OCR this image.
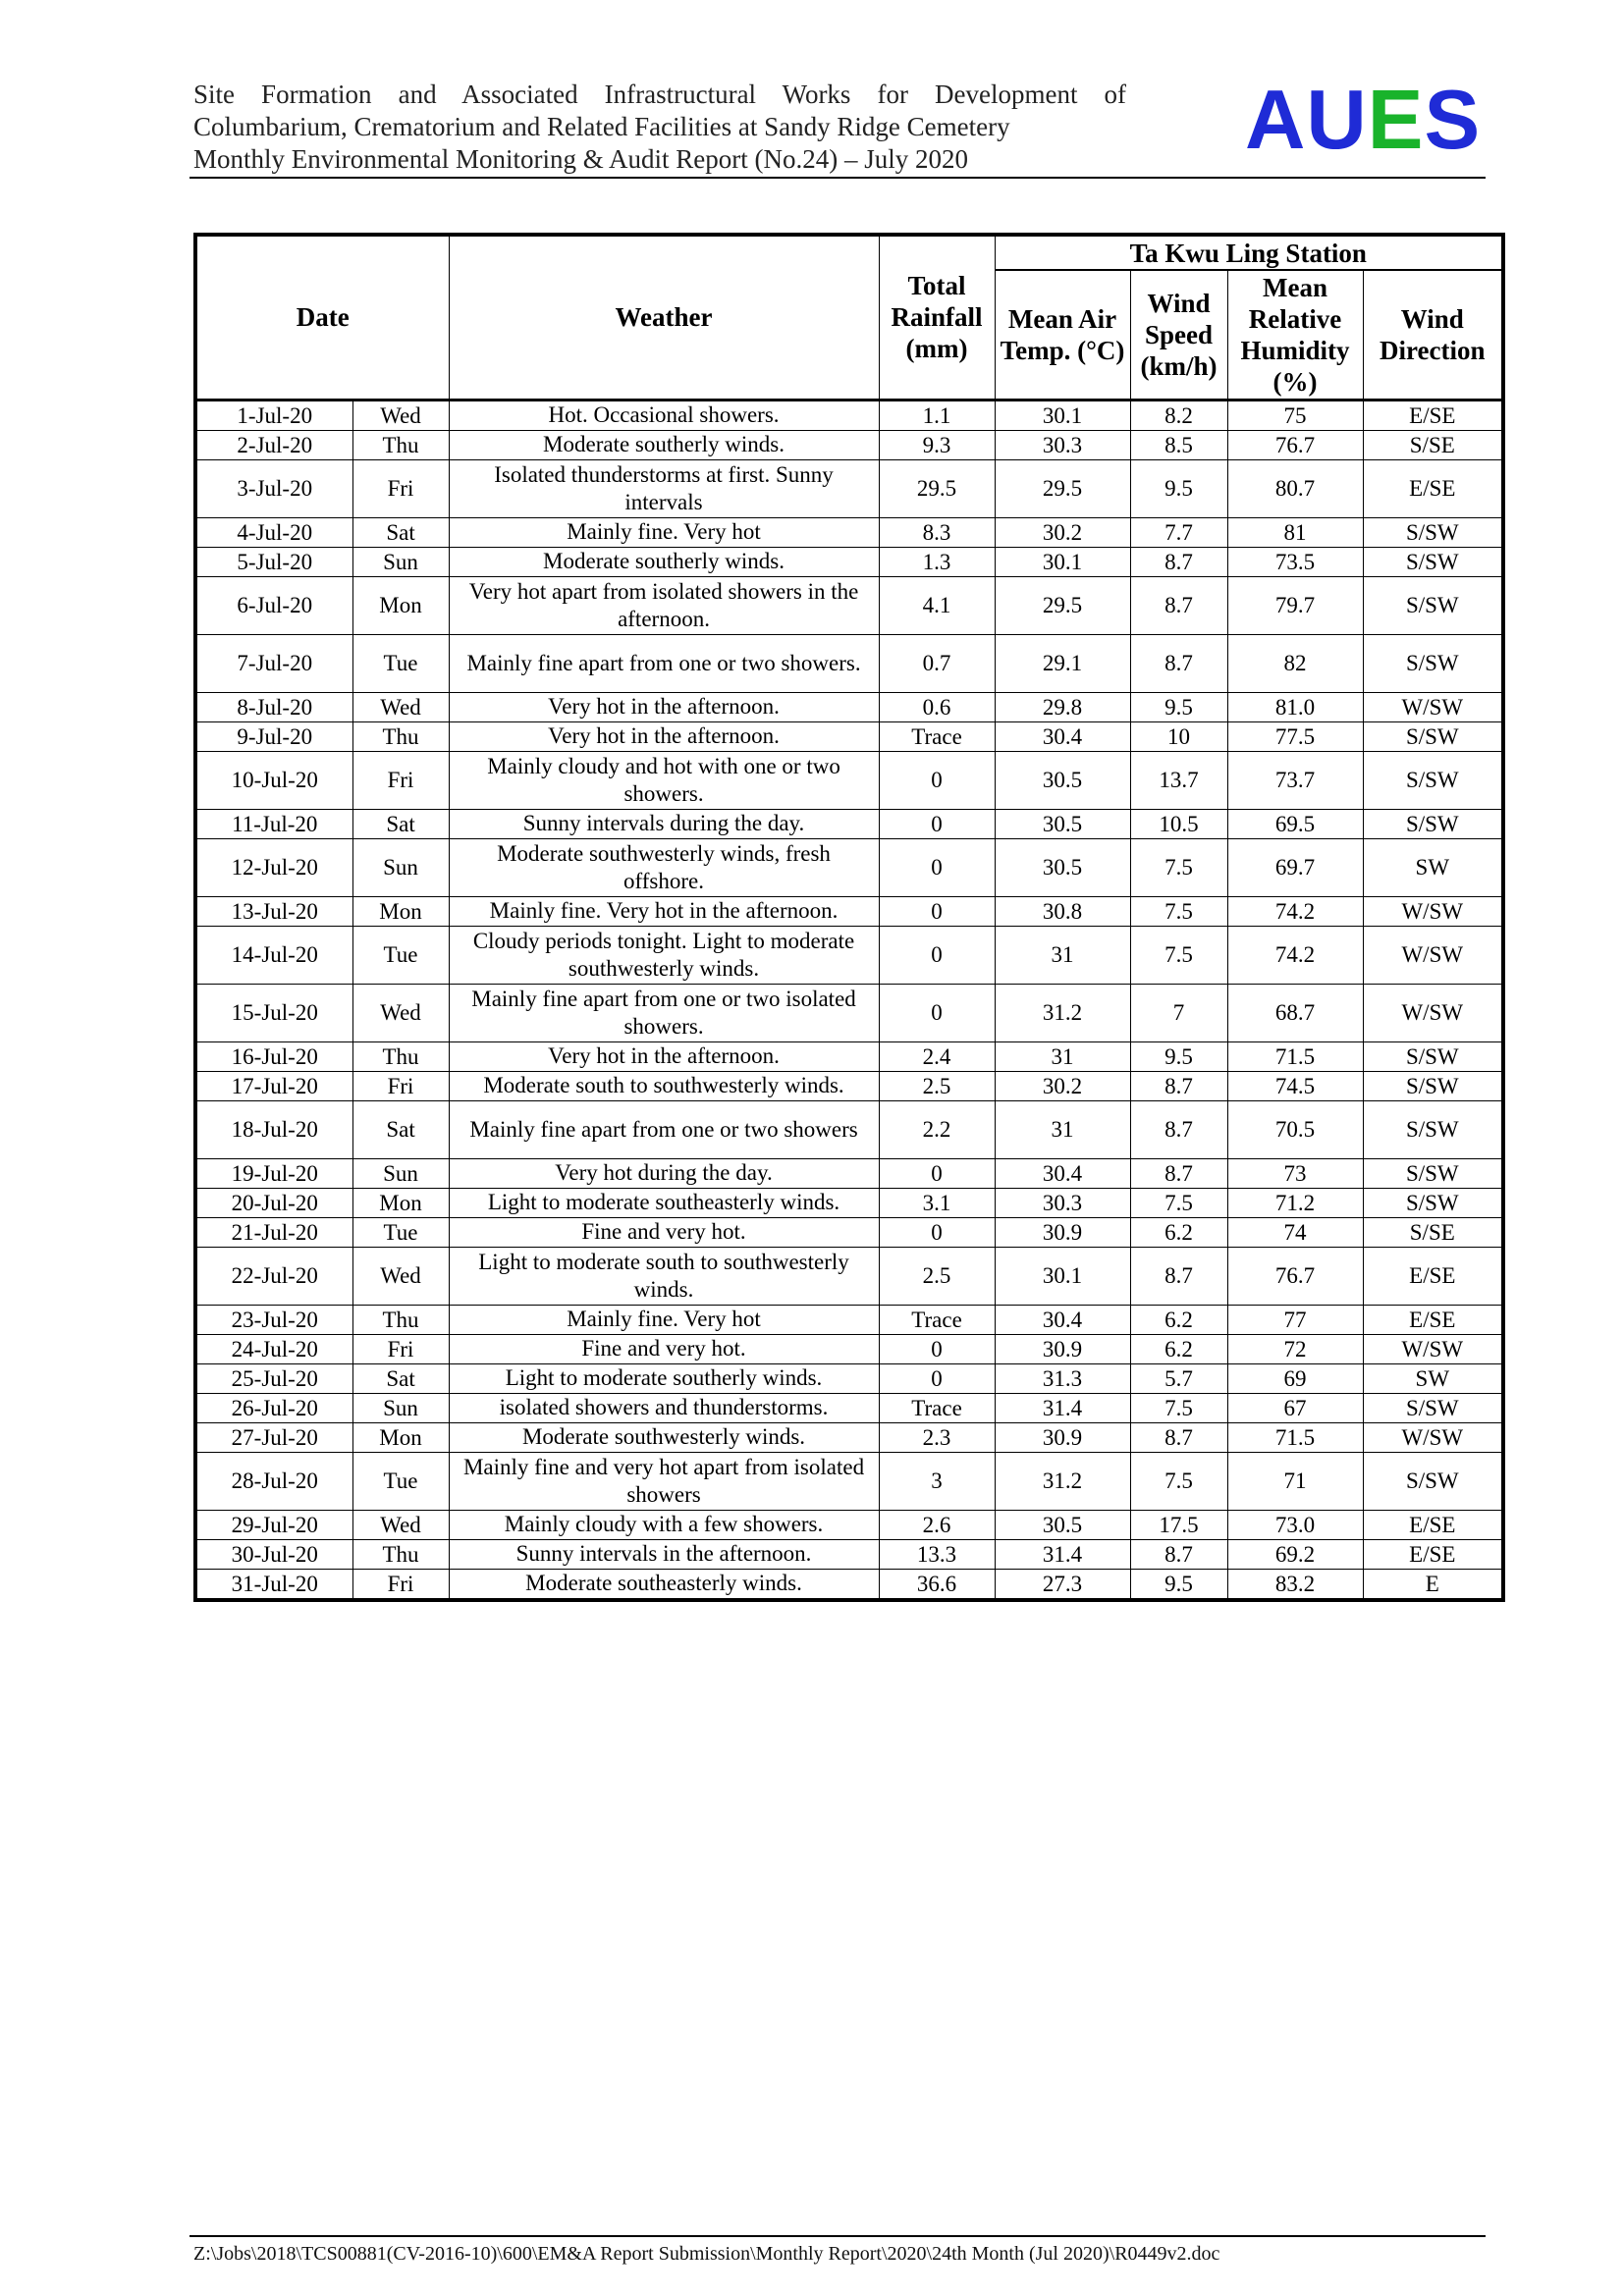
Site Formation and Associated Infrastructural Works for Development of
Columbarium, Crematorium and Related Facilities at Sandy Ridge Cemetery
Monthly Environmental Monitoring & Audit Report (No.24) – July 2020	AUES
Date		Weather	Total Rainfall (mm)	Ta Kwu Ling Station			
				Mean Air Temp. (°C)	Wind Speed (km/h)	Mean Relative Humidity (%)	Wind Direction
1-Jul-20	Wed	Hot. Occasional showers.	1.1	30.1	8.2	75	E/SE
2-Jul-20	Thu	Moderate southerly winds.	9.3	30.3	8.5	76.7	S/SE
3-Jul-20	Fri	Isolated thunderstorms at first. Sunny intervals	29.5	29.5	9.5	80.7	E/SE
4-Jul-20	Sat	Mainly fine. Very hot	8.3	30.2	7.7	81	S/SW
5-Jul-20	Sun	Moderate southerly winds.	1.3	30.1	8.7	73.5	S/SW
6-Jul-20	Mon	Very hot apart from isolated showers in the afternoon.	4.1	29.5	8.7	79.7	S/SW
7-Jul-20	Tue	Mainly fine apart from one or two showers.	0.7	29.1	8.7	82	S/SW
8-Jul-20	Wed	Very hot in the afternoon.	0.6	29.8	9.5	81.0	W/SW
9-Jul-20	Thu	Very hot in the afternoon.	Trace	30.4	10	77.5	S/SW
10-Jul-20	Fri	Mainly cloudy and hot with one or two showers.	0	30.5	13.7	73.7	S/SW
11-Jul-20	Sat	Sunny intervals during the day.	0	30.5	10.5	69.5	S/SW
12-Jul-20	Sun	Moderate southwesterly winds, fresh offshore.	0	30.5	7.5	69.7	SW
13-Jul-20	Mon	Mainly fine. Very hot in the afternoon.	0	30.8	7.5	74.2	W/SW
14-Jul-20	Tue	Cloudy periods tonight. Light to moderate southwesterly winds.	0	31	7.5	74.2	W/SW
15-Jul-20	Wed	Mainly fine apart from one or two isolated showers.	0	31.2	7	68.7	W/SW
16-Jul-20	Thu	Very hot in the afternoon.	2.4	31	9.5	71.5	S/SW
17-Jul-20	Fri	Moderate south to southwesterly winds.	2.5	30.2	8.7	74.5	S/SW
18-Jul-20	Sat	Mainly fine apart from one or two showers	2.2	31	8.7	70.5	S/SW
19-Jul-20	Sun	Very hot during the day.	0	30.4	8.7	73	S/SW
20-Jul-20	Mon	Light to moderate southeasterly winds.	3.1	30.3	7.5	71.2	S/SW
21-Jul-20	Tue	Fine and very hot.	0	30.9	6.2	74	S/SE
22-Jul-20	Wed	Light to moderate south to southwesterly winds.	2.5	30.1	8.7	76.7	E/SE
23-Jul-20	Thu	Mainly fine. Very hot	Trace	30.4	6.2	77	E/SE
24-Jul-20	Fri	Fine and very hot.	0	30.9	6.2	72	W/SW
25-Jul-20	Sat	Light to moderate southerly winds.	0	31.3	5.7	69	SW
26-Jul-20	Sun	isolated showers and thunderstorms.	Trace	31.4	7.5	67	S/SW
27-Jul-20	Mon	Moderate southwesterly winds.	2.3	30.9	8.7	71.5	W/SW
28-Jul-20	Tue	Mainly fine and very hot apart from isolated showers	3	31.2	7.5	71	S/SW
29-Jul-20	Wed	Mainly cloudy with a few showers.	2.6	30.5	17.5	73.0	E/SE
30-Jul-20	Thu	Sunny intervals in the afternoon.	13.3	31.4	8.7	69.2	E/SE
31-Jul-20	Fri	Moderate southeasterly winds.	36.6	27.3	9.5	83.2	E
Z:\Jobs\2018\TCS00881(CV-2016-10)\600\EM&A Report Submission\Monthly Report\2020\24th Month (Jul 2020)\R0449v2.doc
